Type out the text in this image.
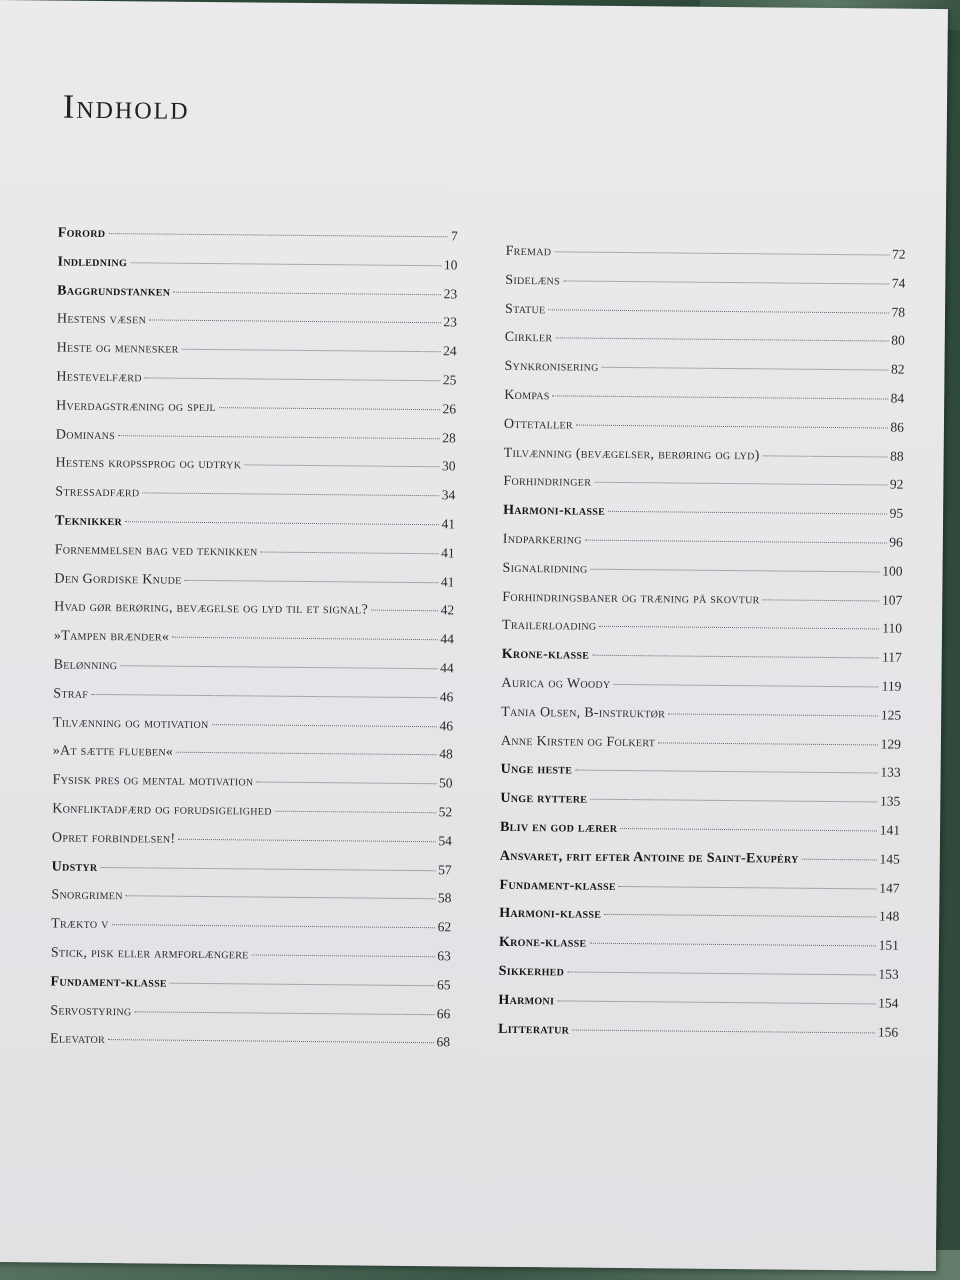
Indhold
Forord	7
Indledning	10
Baggrundstanken	23
Hestens væsen	23
Heste og mennesker	24
Hestevelfærd	25
Hverdagstræning og spejl	26
Dominans	28
Hestens kropssprog og udtryk	30
Stressadfærd	34
Teknikker	41
Fornemmelsen bag ved teknikken	41
Den Gordiske Knude	41
Hvad gør berøring, bevægelse og lyd til et signal?	42
»Tampen brænder«	44
Belønning	44
Straf	46
Tilvænning og motivation	46
»At sætte flueben«	48
Fysisk pres og mental motivation	50
Konfliktadfærd og forudsigelighed	52
Opret forbindelsen!	54
Udstyr	57
Snorgrimen	58
Trækto v	62
Stick, pisk eller armforlængere	63
Fundament-klasse	65
Servostyring	66
Elevator	68
Fremad	72
Sidelæns	74
Statue	78
Cirkler	80
Synkronisering	82
Kompas	84
Ottetaller	86
Tilvænning (bevægelser, berøring og lyd)	88
Forhindringer	92
Harmoni-klasse	95
Indparkering	96
Signalridning	100
Forhindringsbaner og træning på skovtur	107
Trailerloading	110
Krone-klasse	117
Aurica og Woody	119
Tania Olsen, B-instruktør	125
Anne Kirsten og Folkert	129
Unge heste	133
Unge ryttere	135
Bliv en god lærer	141
Ansvaret, frit efter Antoine de Saint-Exupéry	145
Fundament-klasse	147
Harmoni-klasse	148
Krone-klasse	151
Sikkerhed	153
Harmoni	154
Litteratur	156
